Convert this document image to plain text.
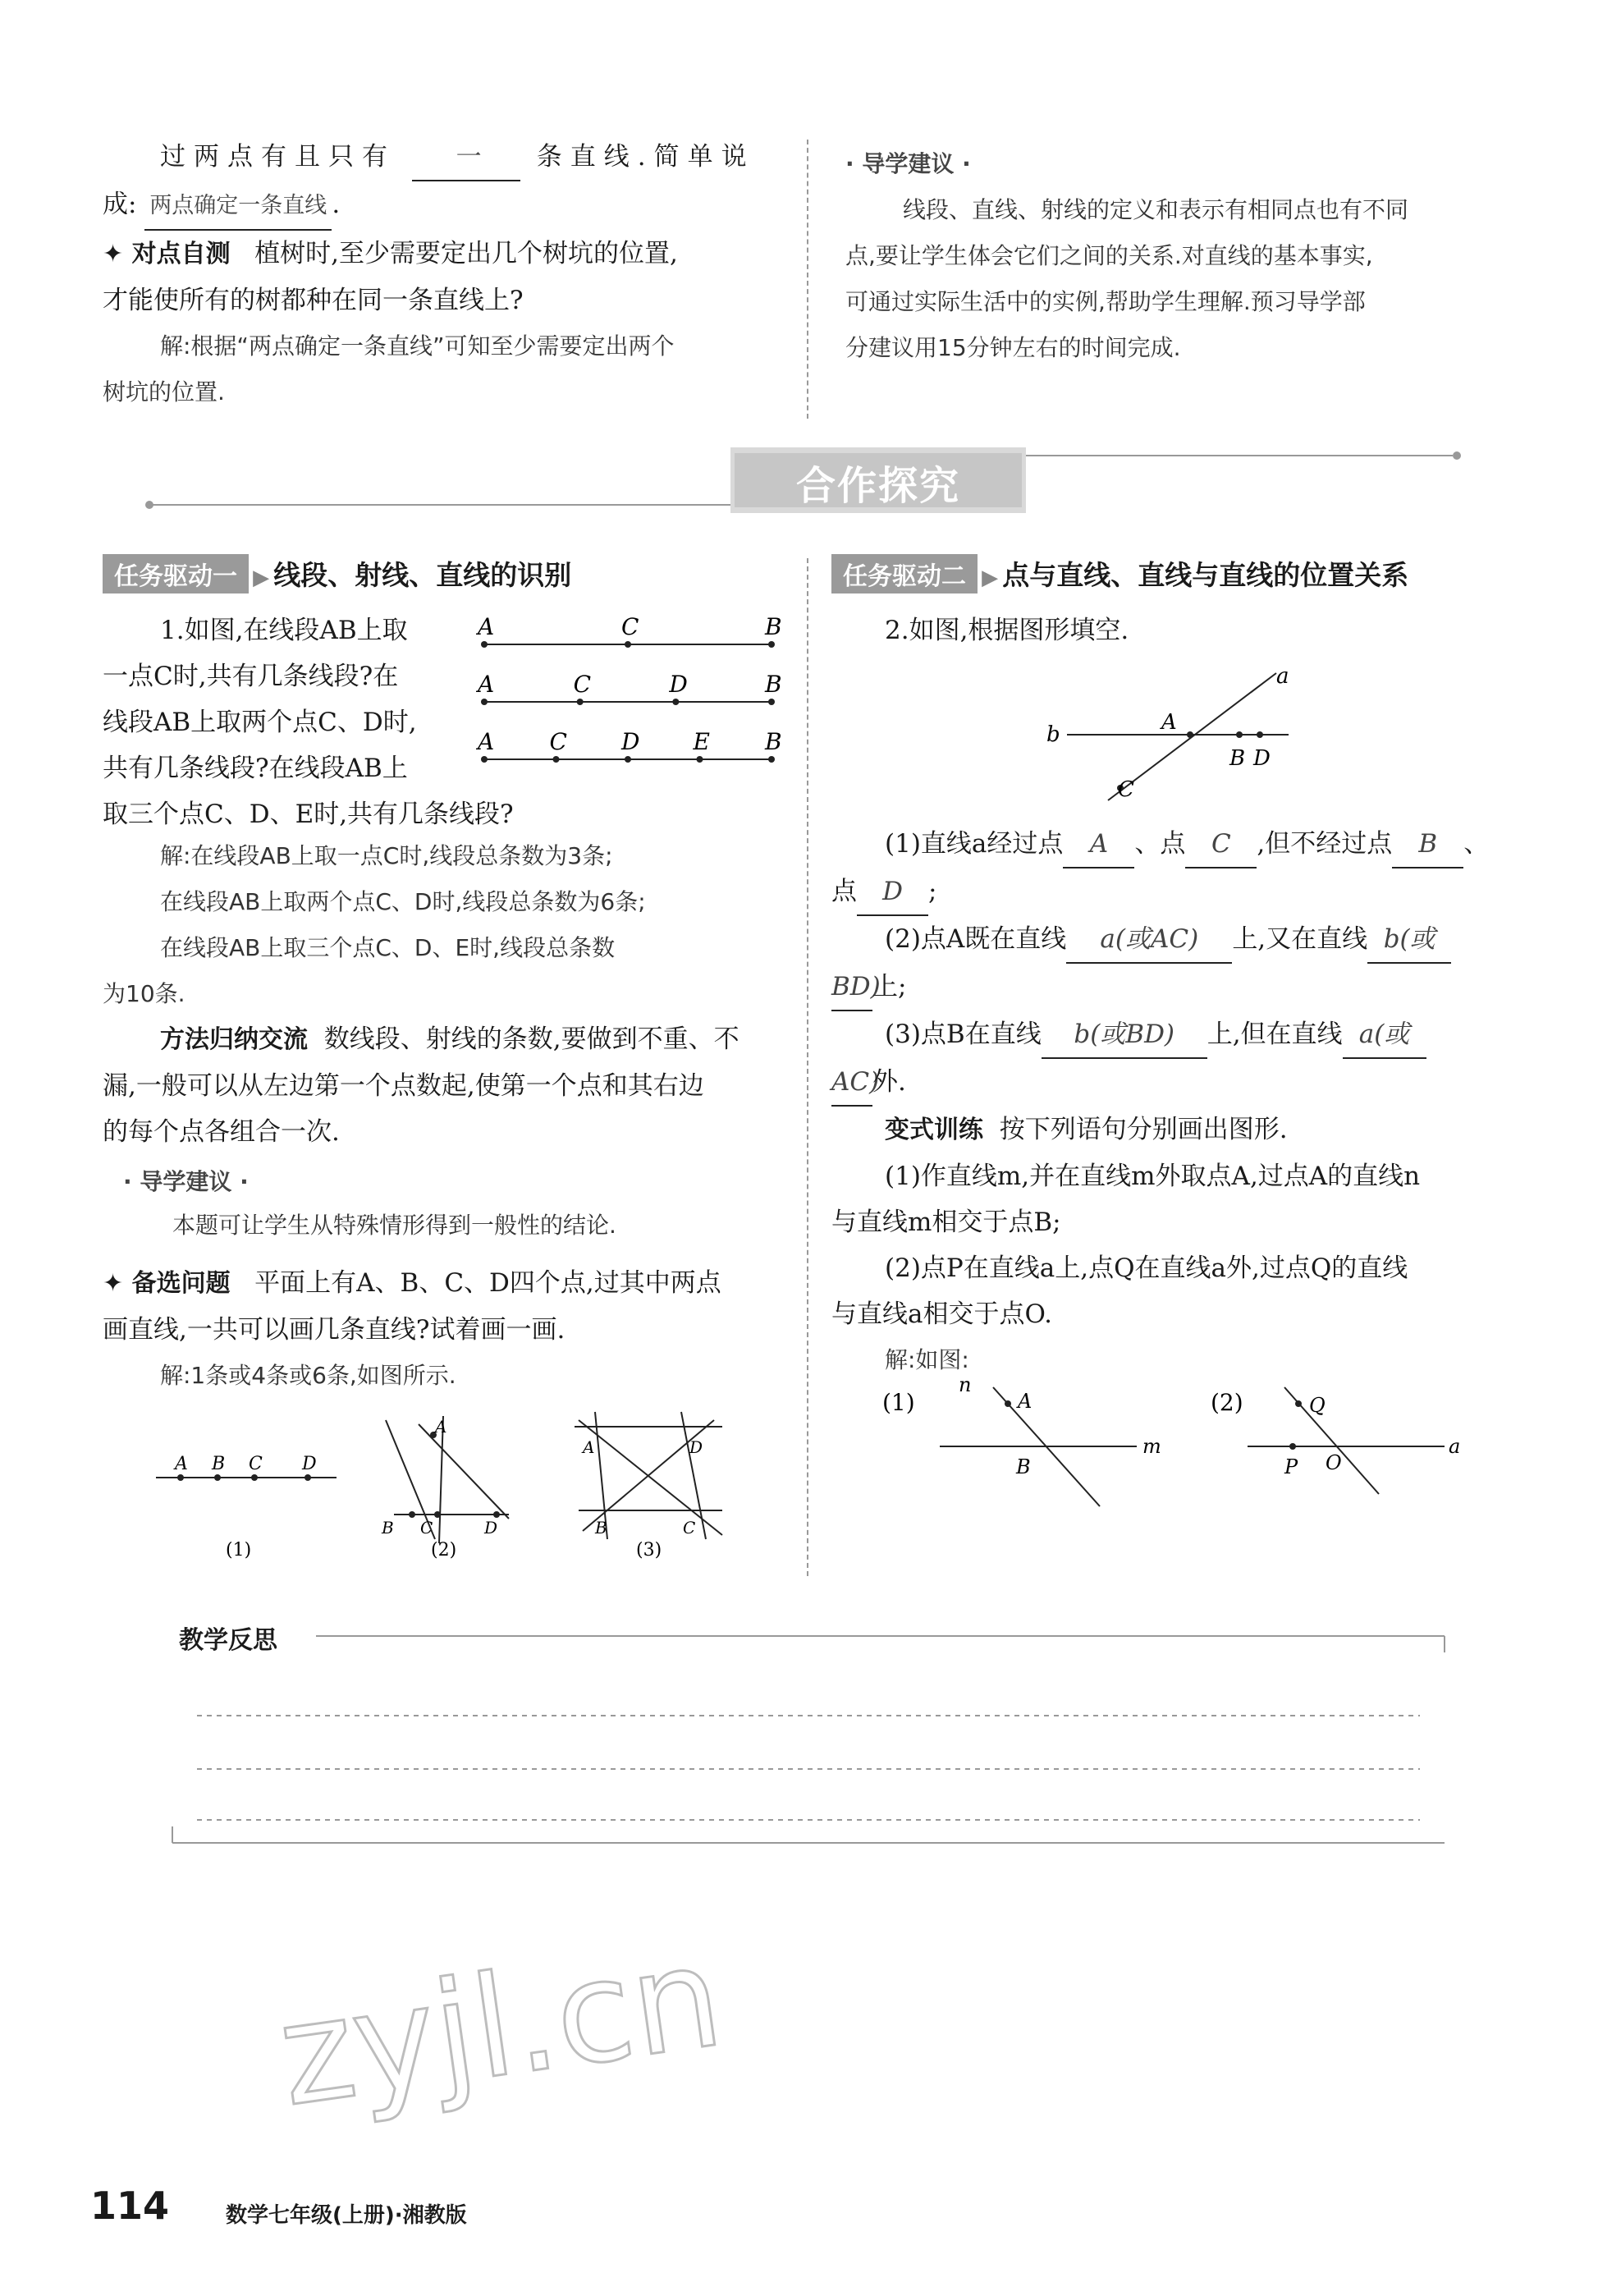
过两点有且只有 一 条直线.简单说

成: 两点确定一条直线 .

✦ 对点自测 植树时,至少需要定出几个树坑的位置,

才能使所有的树都种在同一条直线上?

解:根据“两点确定一条直线”可知至少需要定出两个

树坑的位置.

· 导学建议 ·

线段、直线、射线的定义和表示有相同点也有不同

点,要让学生体会它们之间的关系.对直线的基本事实,

可通过实际生活中的实例,帮助学生理解.预习导学部

分建议用15分钟左右的时间完成.

合作探究
任务驱动一 ▶ 线段、射线、直线的识别

1.如图,在线段AB上取

一点C时,共有几条线段?在

线段AB上取两个点C、D时,

共有几条线段?在线段AB上

取三个点C、D、E时,共有几条线段?

A	C	B
A	C	D	B
A C D E B

解:在线段AB上取一点C时,线段总条数为3条;

在线段AB上取两个点C、D时,线段总条数为6条;

在线段AB上取三个点C、D、E时,线段总条数

为10条.

方法归纳交流 数线段、射线的条数,要做到不重、不

漏,一般可以从左边第一个点数起,使第一个点和其右边

的每个点各组合一次.

· 导学建议 ·

本题可让学生从特殊情形得到一般性的结论.

✦ 备选问题 平面上有A、B、C、D四个点,过其中两点

画直线,一共可以画几条直线?试着画一画.

解:1条或4条或6条,如图所示.

A B C D
(1)
A
B C	D
(2)
A	D
B	C
(3)
任务驱动二 ▶ 点与直线、直线与直线的位置关系

2.如图,根据图形填空.

a
b	A
B D
C

(1)直线a经过点 A 、点 C ,但不经过点 B 、

点 D ;

(2)点A既在直线 a(或AC) 上,又在直线 b(或

BD)上;

(3)点B在直线 b(或BD) 上,但在直线 a(或

AC)外.

变式训练 按下列语句分别画出图形.

(1)作直线m,并在直线m外取点A,过点A的直线n

与直线m相交于点B;

(2)点P在直线a上,点Q在直线a外,过点Q的直线

与直线a相交于点O.

解:如图:

(1)
n
A
m
B
(2)	Q
a
P O
教学反思
zyjl.cn
114	数学七年级(上册)·湘教版
